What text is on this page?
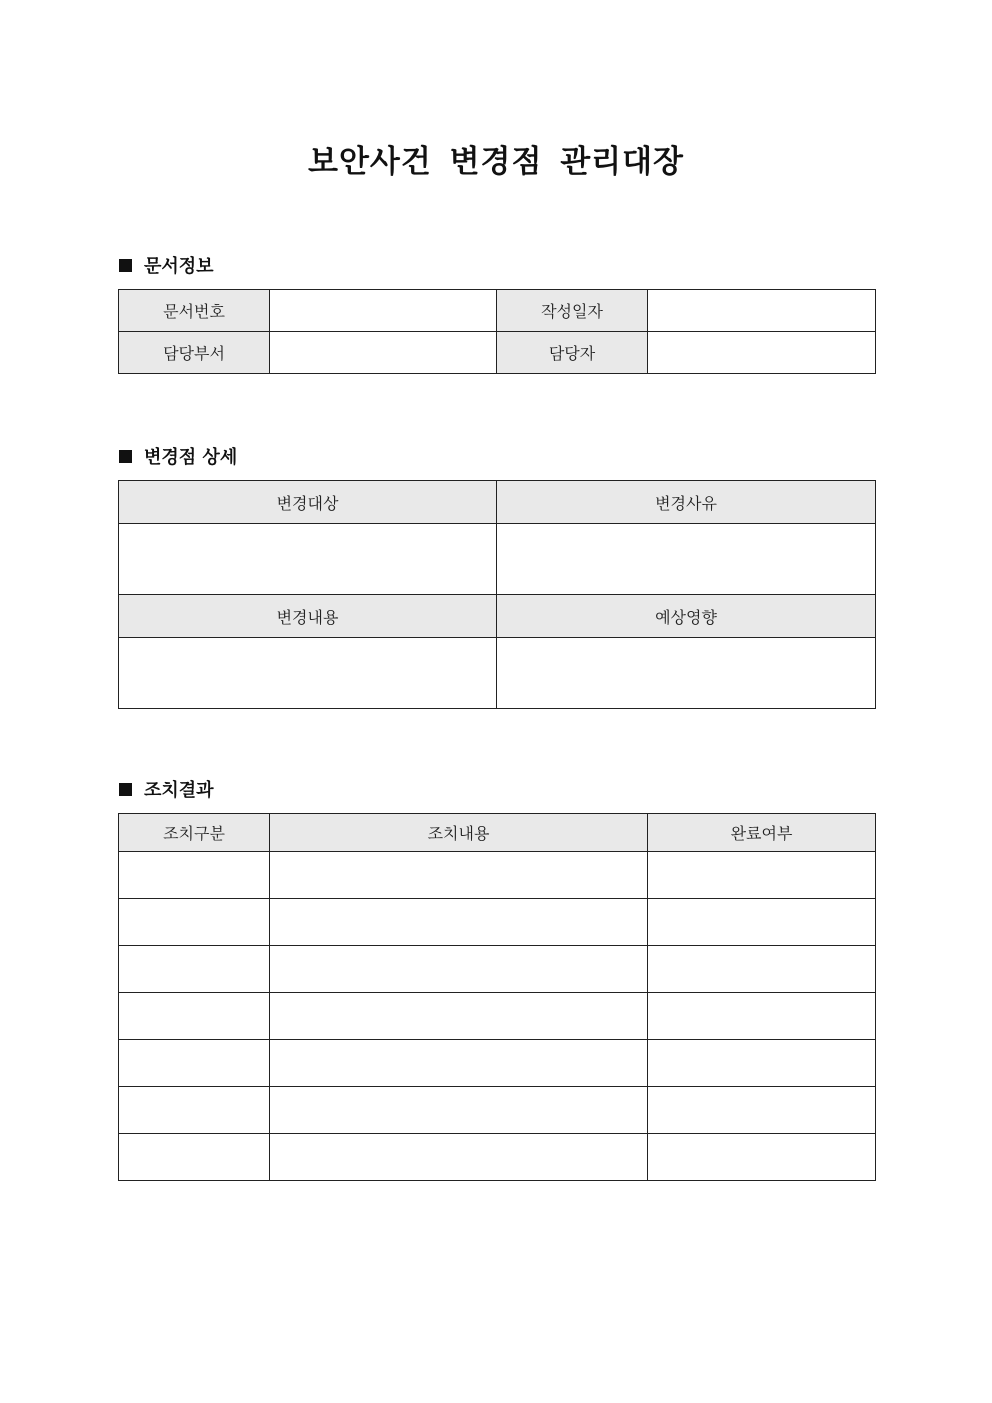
보안사건 변경점 관리대장
문서정보
문서번호		작성일자	
담당부서		담당자	
변경점 상세
변경대상	변경사유

변경내용	예상영향

조치결과
조치구분	조치내용	완료여부
